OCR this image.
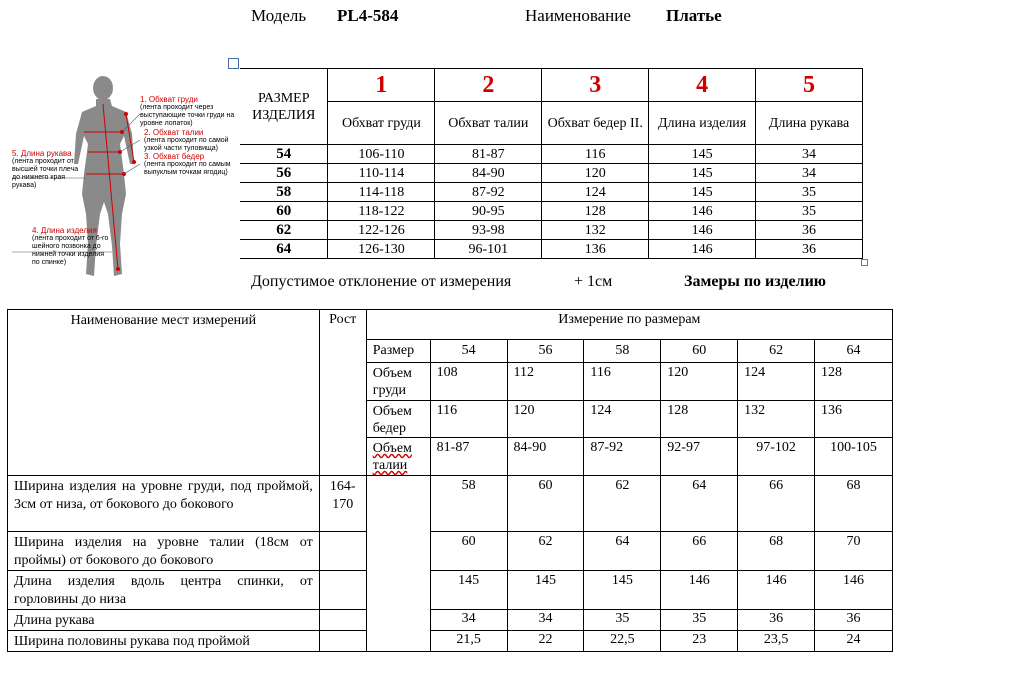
Модель PL4-584	Наименование Платье
1. Обхват груди
(лента проходит через выступающие точки груди на уровне лопаток)
2. Обхват талии
(лента проходит по самой узкой части туловища)
3. Обхват бедер
(лента проходит по самым выпуклым точкам ягодиц)
5. Длина рукава
(лента проходит от высшей точки плеча до нижнего края рукава)
4. Длина изделия
(лента проходит от 6-го шейного позвонка до нижней точки изделия по спинке)
РАЗМЕР ИЗДЕЛИЯ	1	2	3	4	5
	Обхват груди	Обхват талии	Обхват бедер II.	Длина изделия	Длина рукава
54	106-110	81-87	116	145	34
56	110-114	84-90	120	145	34
58	114-118	87-92	124	145	35
60	118-122	90-95	128	146	35
62	122-126	93-98	132	146	36
64	126-130	96-101	136	146	36
Допустимое отклонение от измерения	+ 1см	Замеры по изделию
Наименование мест измерений	Рост	Измерение по размерам						
		Размер	54	56	58	60	62	64
		Объем груди	108	112	116	120	124	128
		Объем бедер	116	120	124	128	132	136
		Объем талии	81-87	84-90	87-92	92-97	97-102	100-105
Ширина изделия на уровне груди, под проймой, 3см от низа, от бокового до бокового	164-170		58	60	62	64	66	68
Ширина изделия на уровне талии (18см от проймы) от бокового до бокового			60	62	64	66	68	70
Длина изделия вдоль центра спинки, от горловины до низа			145	145	145	146	146	146
Длина рукава			34	34	35	35	36	36
Ширина половины рукава под проймой			21,5	22	22,5	23	23,5	24
